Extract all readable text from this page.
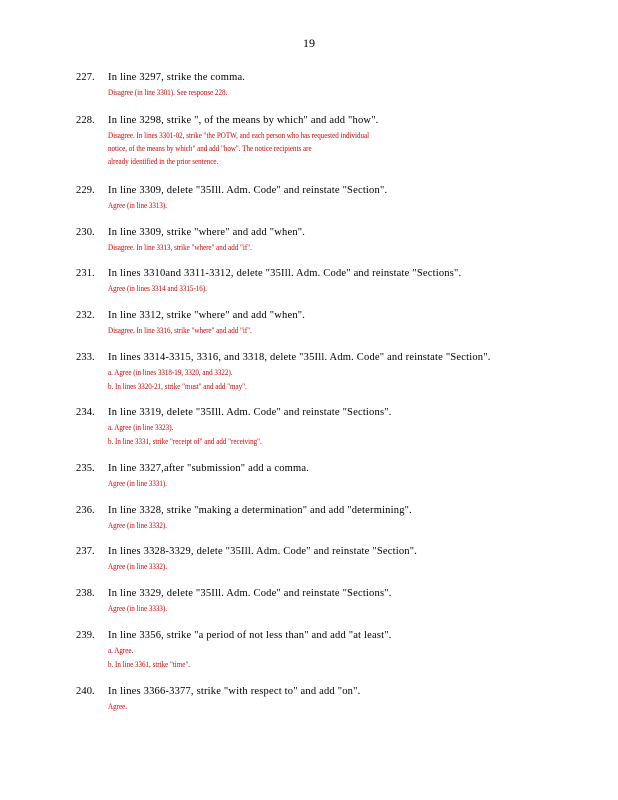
19
227.	In line 3297, strike the comma.
Disagree (in line 3301). See response 228.
228.	In line 3298, strike ", of the means by which" and add "how".
Disagree. In lines 3301-02, strike "the POTW, and each person who has requested individual
notice, of the means by which" and add "how". The notice recipients are
already identified in the prior sentence.
229.	In line 3309, delete "35Ill. Adm. Code" and reinstate "Section".
Agree (in line 3313).
230.	In line 3309, strike "where" and add "when".
Disagree. In line 3313, strike "where" and add "if".
231.	In lines 3310and 3311-3312, delete "35Ill. Adm. Code" and reinstate "Sections".
Agree (in lines 3314 and 3315-16).
232.	In line 3312, strike "where" and add "when".
Disagree. In line 3316, strike "where" and add "if".
233.	In lines 3314-3315, 3316, and 3318, delete "35Ill. Adm. Code" and reinstate "Section".
a. Agree (in lines 3318-19, 3320, and 3322).
b. In lines 3320-21, strike "must" and add "may".
234.	In line 3319, delete "35Ill. Adm. Code" and reinstate "Sections".
a. Agree (in line 3323).
b. In line 3331, strike "receipt of" and add "receiving".
235.	In line 3327,after "submission" add a comma.
Agree (in line 3331).
236.	In line 3328, strike "making a determination" and add "determining".
Agree (in line 3332).
237.	In lines 3328-3329, delete "35Ill. Adm. Code" and reinstate "Section".
Agree (in line 3332).
238.	In line 3329, delete "35Ill. Adm. Code" and reinstate "Sections".
Agree (in line 3333).
239.	In line 3356, strike "a period of not less than" and add "at least".
a. Agree.
b. In line 3361, strike "time".
240.	In lines 3366-3377, strike "with respect to" and add "on".
Agree.
